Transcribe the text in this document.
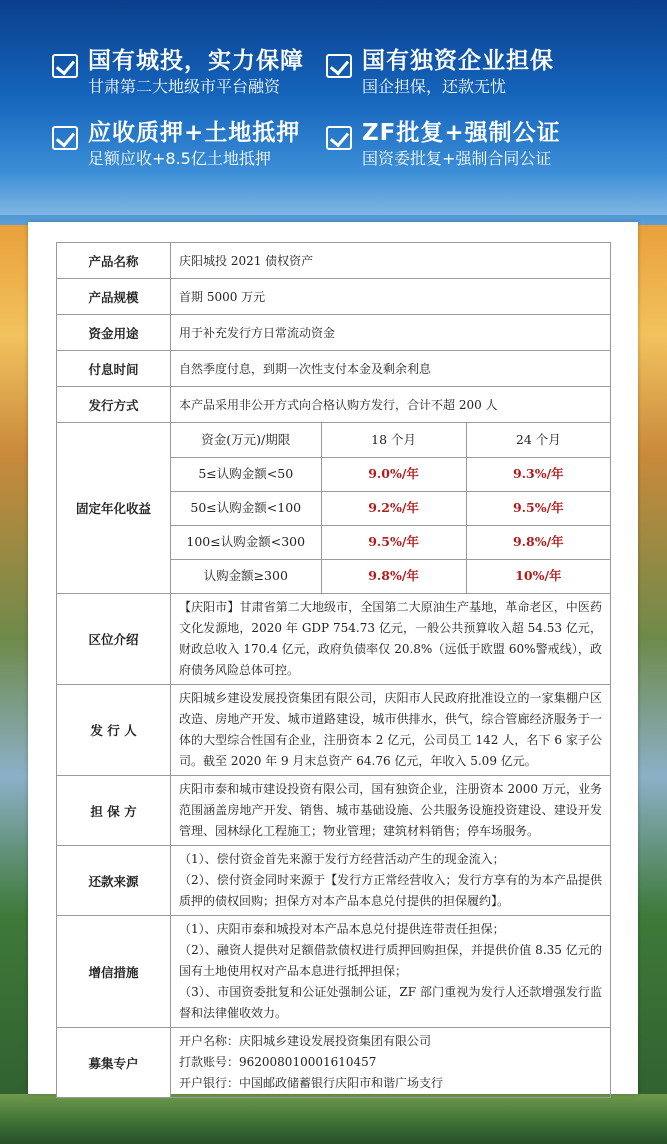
国有城投，实力保障
甘肃第二大地级市平台融资
国有独资企业担保
国企担保，还款无忧
应收质押+土地抵押
足额应收+8.5亿土地抵押
ZF批复+强制公证
国资委批复+强制合同公证
产品名称	庆阳城投 2021 债权资产
产品规模	首期 5000 万元
资金用途	用于补充发行方日常流动资金
付息时间	自然季度付息，到期一次性支付本金及剩余利息
发行方式	本产品采用非公开方式向合格认购方发行，合计不超 200 人
固定年化收益	
资金(万元)/期限	18 个月	24 个月
5≤认购金额<50	9.0%/年	9.3%/年
50≤认购金额<100	9.2%/年	9.5%/年
100≤认购金额<300	9.5%/年	9.8%/年
认购金额≥300	9.8%/年	10%/年

区位介绍	【庆阳市】甘肃省第二大地级市，全国第二大原油生产基地，革命老区，中医药文化发源地，2020 年 GDP 754.73 亿元，一般公共预算收入超 54.53 亿元，财政总收入 170.4 亿元，政府负债率仅 20.8%（远低于欧盟 60%警戒线），政府债务风险总体可控。
发 行 人	庆阳城乡建设发展投资集团有限公司，庆阳市人民政府批准设立的一家集棚户区改造、房地产开发、城市道路建设，城市供排水，供气，综合管廊经济服务于一体的大型综合性国有企业，注册资本 2 亿元，公司员工 142 人，名下 6 家子公司。截至 2020 年 9 月末总资产 64.76 亿元，年收入 5.09 亿元。
担 保 方	庆阳市泰和城市建设投资有限公司，国有独资企业，注册资本 2000 万元，业务范围涵盖房地产开发、销售、城市基础设施、公共服务设施投资建设、建设开发管理、园林绿化工程施工；物业管理；建筑材料销售；停车场服务。
还款来源	
（1）、偿付资金首先来源于发行方经营活动产生的现金流入；
（2）、偿付资金同时来源于【发行方正常经营收入；发行方享有的为本产品提供质押的债权回购；担保方对本产品本息兑付提供的担保履约】。

增信措施	
（1）、庆阳市泰和城投对本产品本息兑付提供连带责任担保；
（2）、融资人提供对足额借款债权进行质押回购担保，并提供价值 8.35 亿元的国有土地使用权对产品本息进行抵押担保；
（3）、市国资委批复和公证处强制公证，ZF 部门重视为发行人还款增强发行监督和法律催收效力。

募集专户	
开户名称：庆阳城乡建设发展投资集团有限公司
打款账号：962008010001610457
开户银行：中国邮政储蓄银行庆阳市和谐广场支行
